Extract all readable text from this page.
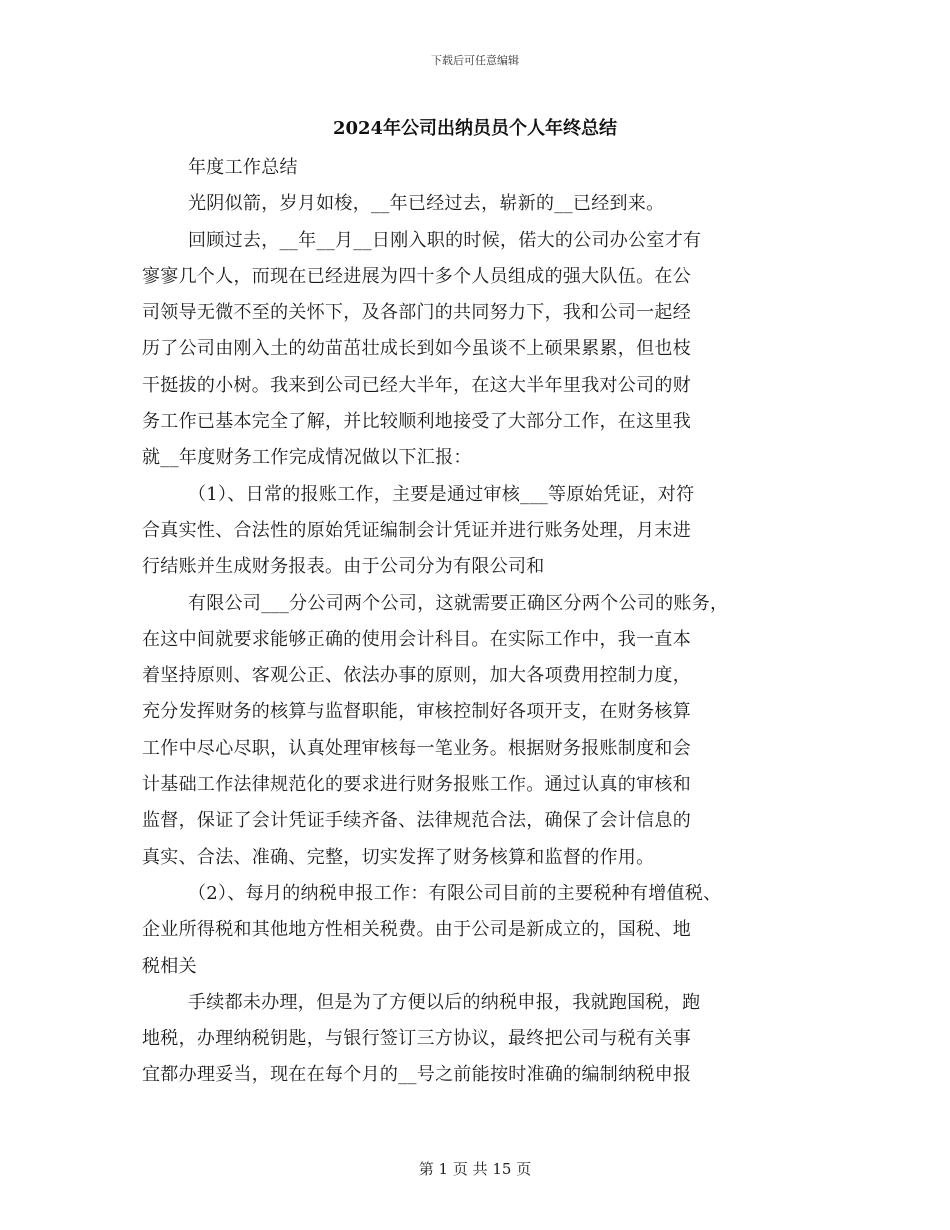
下载后可任意编辑
2024年公司出纳员员个人年终总结
年度工作总结
光阴似箭，岁月如梭，__年已经过去，崭新的__已经到来。
回顾过去，__年__月__日刚入职的时候，偌大的公司办公室才有
寥寥几个人，而现在已经进展为四十多个人员组成的强大队伍。在公
司领导无微不至的关怀下，及各部门的共同努力下，我和公司一起经
历了公司由刚入土的幼苗茁壮成长到如今虽谈不上硕果累累，但也枝
干挺拔的小树。我来到公司已经大半年，在这大半年里我对公司的财
务工作已基本完全了解，并比较顺利地接受了大部分工作，在这里我
就__年度财务工作完成情况做以下汇报：
（1）、日常的报账工作，主要是通过审核___等原始凭证，对符
合真实性、合法性的原始凭证编制会计凭证并进行账务处理，月末进
行结账并生成财务报表。由于公司分为有限公司和
有限公司___分公司两个公司，这就需要正确区分两个公司的账务，
在这中间就要求能够正确的使用会计科目。在实际工作中，我一直本
着坚持原则、客观公正、依法办事的原则，加大各项费用控制力度，
充分发挥财务的核算与监督职能，审核控制好各项开支，在财务核算
工作中尽心尽职，认真处理审核每一笔业务。根据财务报账制度和会
计基础工作法律规范化的要求进行财务报账工作。通过认真的审核和
监督，保证了会计凭证手续齐备、法律规范合法，确保了会计信息的
真实、合法、准确、完整，切实发挥了财务核算和监督的作用。
（2）、每月的纳税申报工作：有限公司目前的主要税种有增值税、
企业所得税和其他地方性相关税费。由于公司是新成立的，国税、地
税相关
手续都未办理，但是为了方便以后的纳税申报，我就跑国税，跑
地税，办理纳税钥匙，与银行签订三方协议，最终把公司与税有关事
宜都办理妥当，现在在每个月的__号之前能按时准确的编制纳税申报
第 1 页 共 15 页
